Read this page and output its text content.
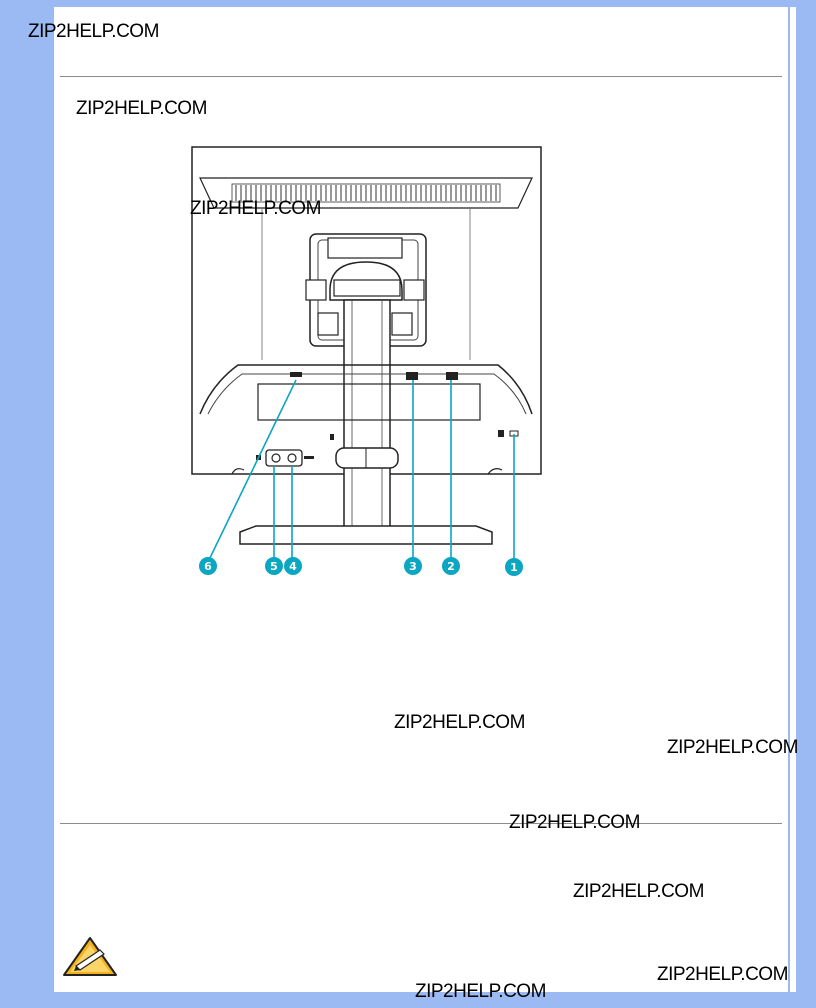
6	5 4	3	2	1
ZIP2HELP.COM
ZIP2HELP.COM
ZIP2HELP.COM
ZIP2HELP.COM
ZIP2HELP.COM
ZIP2HELP.COM
ZIP2HELP.COM
ZIP2HELP.COM
ZIP2HELP.COM
